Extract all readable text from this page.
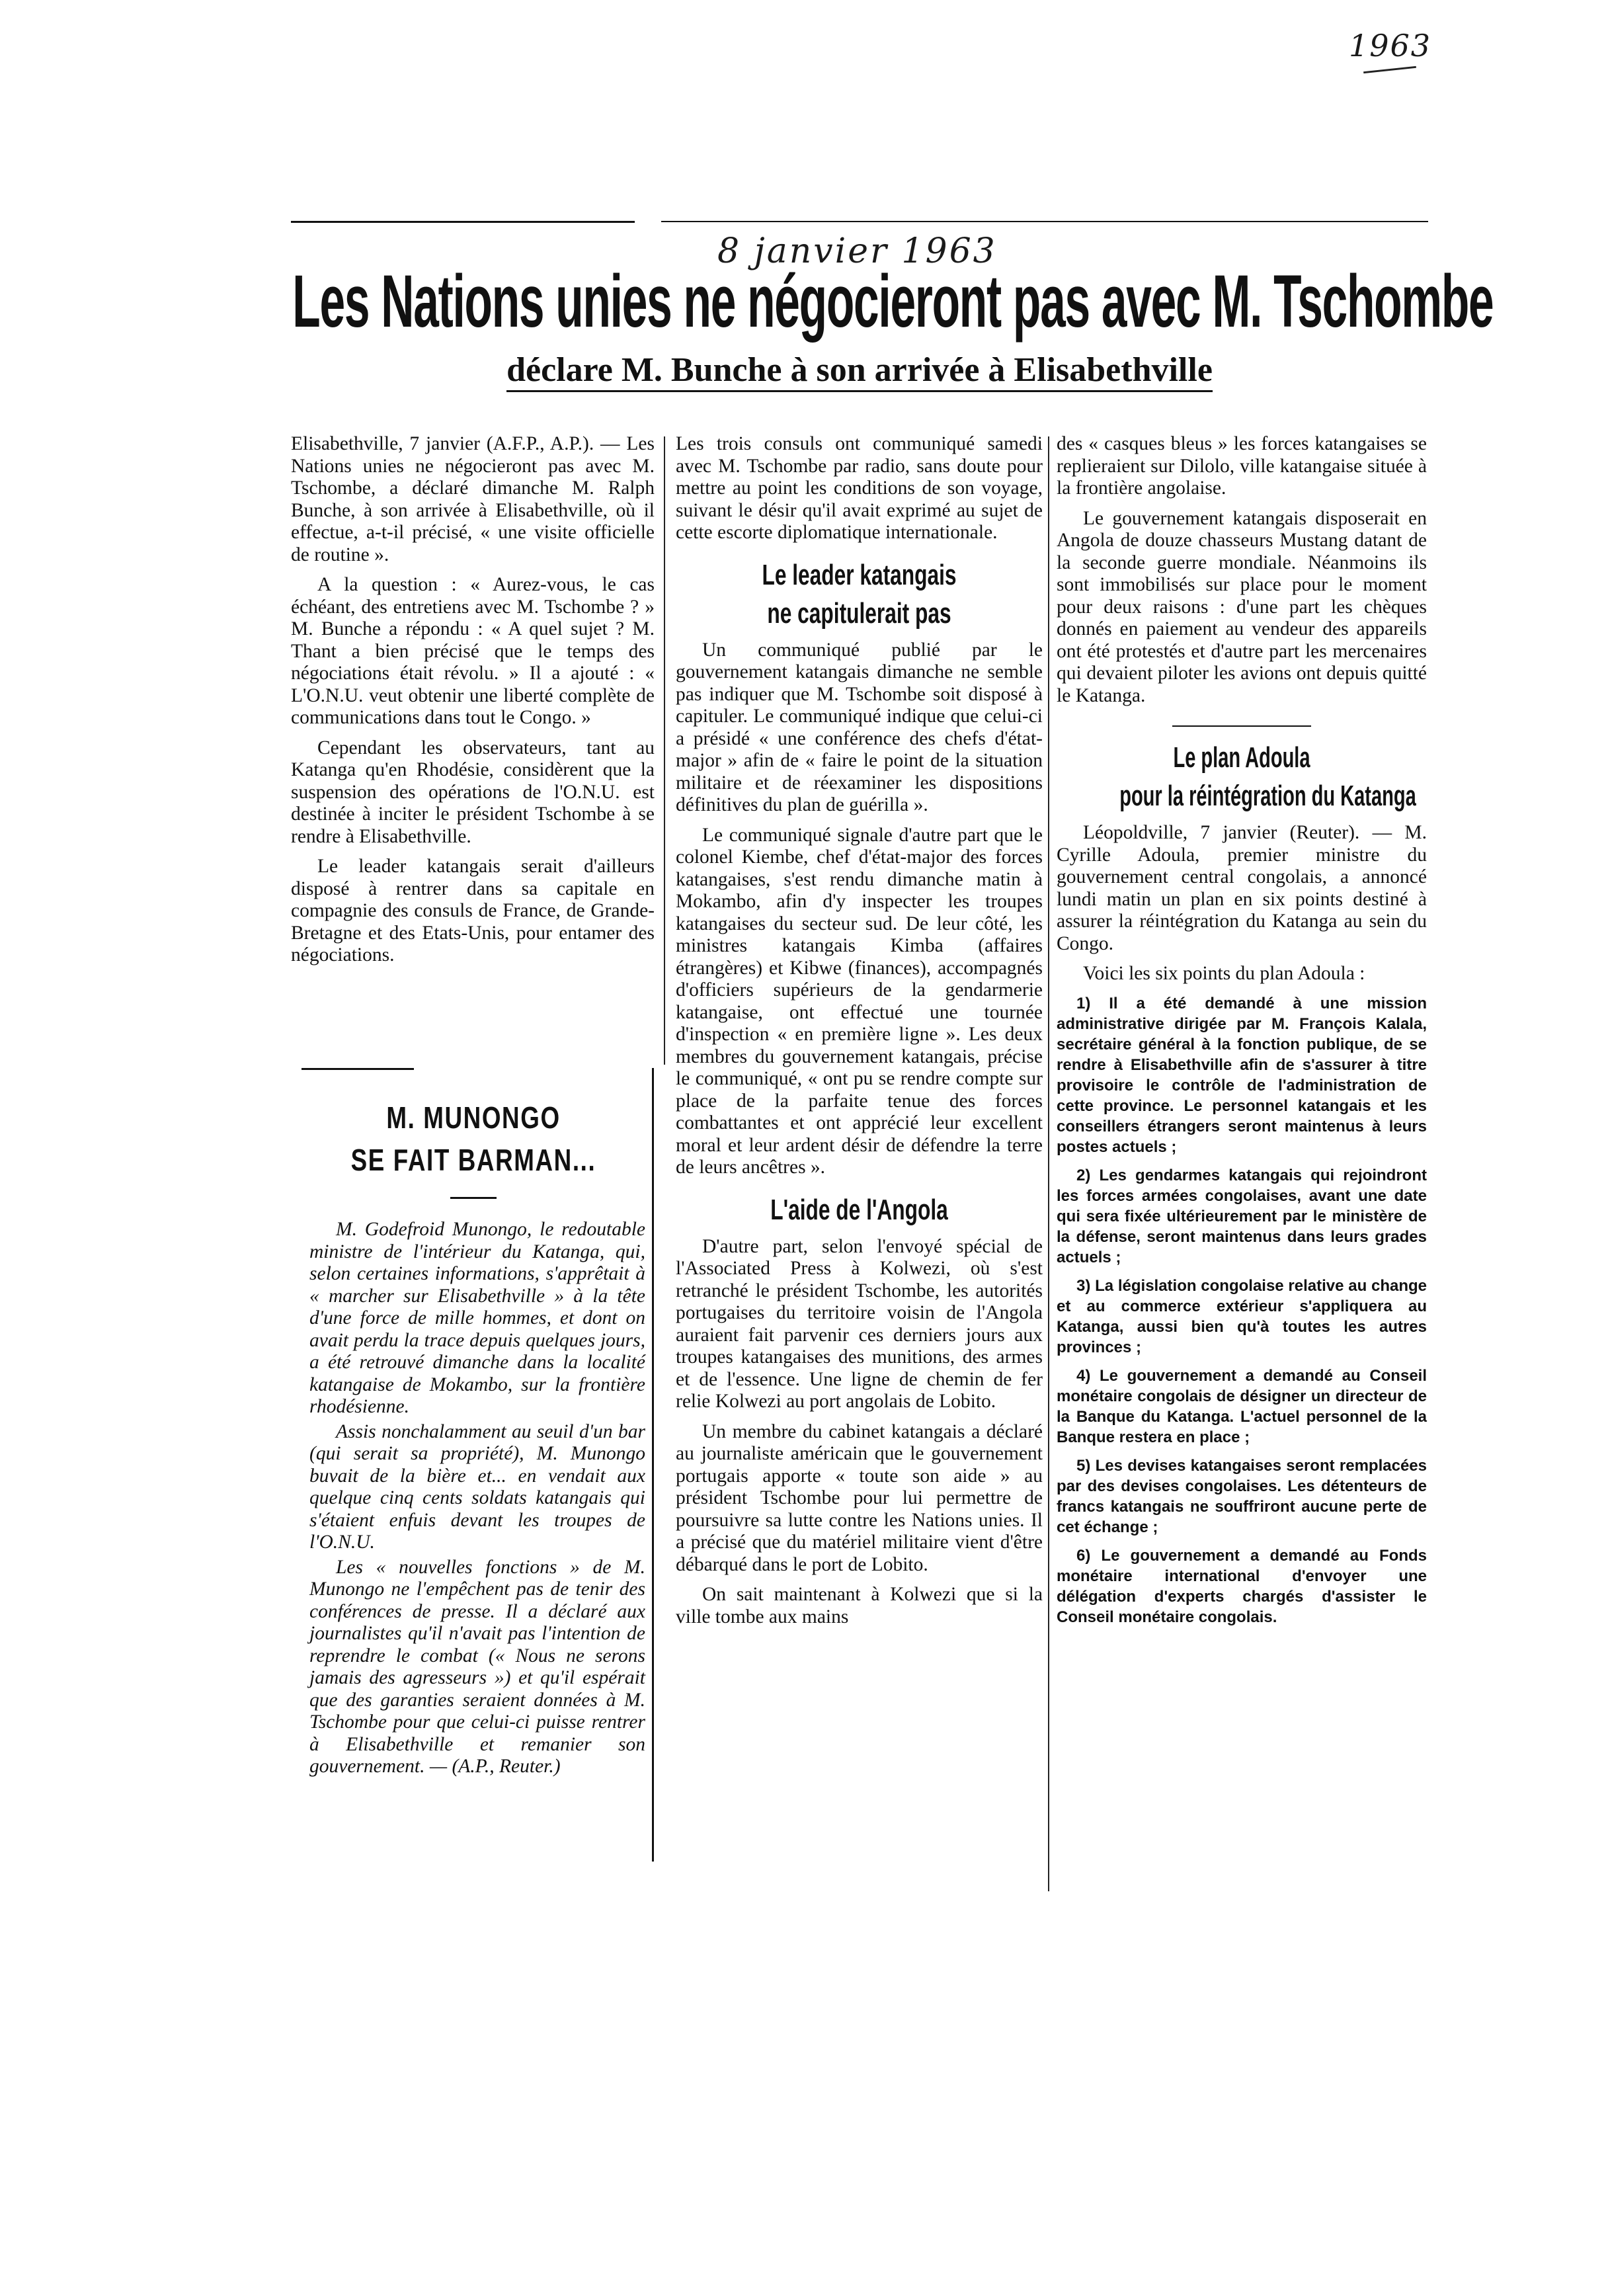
1963
8 janvier 1963
Les Nations unies ne négocieront pas avec M. Tschombe
déclare M. Bunche à son arrivée à Elisabethville

Elisabethville, 7 janvier (A.F.P., A.P.). — Les Nations unies ne négocieront pas avec M. Tschombe, a déclaré dimanche M. Ralph Bunche, à son arrivée à Elisabethville, où il effectue, a-t-il précisé, « une visite officielle de routine ».

A la question : « Aurez-vous, le cas échéant, des entretiens avec M. Tschombe ? » M. Bunche a répondu : « A quel sujet ? M. Thant a bien précisé que le temps des négociations était révolu. » Il a ajouté : « L'O.N.U. veut obtenir une liberté complète de communications dans tout le Congo. »

Cependant les observateurs, tant au Katanga qu'en Rhodésie, considèrent que la suspension des opérations de l'O.N.U. est destinée à inciter le président Tschombe à se rendre à Elisabethville.

Le leader katangais serait d'ailleurs disposé à rentrer dans sa capitale en compagnie des consuls de France, de Grande-Bretagne et des Etats-Unis, pour entamer des négociations.

M. MUNONGO
SE FAIT BARMAN...

M. Godefroid Munongo, le redoutable ministre de l'intérieur du Katanga, qui, selon certaines informations, s'apprêtait à « marcher sur Elisabethville » à la tête d'une force de mille hommes, et dont on avait perdu la trace depuis quelques jours, a été retrouvé dimanche dans la localité katangaise de Mokambo, sur la frontière rhodésienne.

Assis nonchalamment au seuil d'un bar (qui serait sa propriété), M. Munongo buvait de la bière et... en vendait aux quelque cinq cents soldats katangais qui s'étaient enfuis devant les troupes de l'O.N.U.

Les « nouvelles fonctions » de M. Munongo ne l'empêchent pas de tenir des conférences de presse. Il a déclaré aux journalistes qu'il n'avait pas l'intention de reprendre le combat (« Nous ne serons jamais des agresseurs ») et qu'il espérait que des garanties seraient données à M. Tschombe pour que celui-ci puisse rentrer à Elisabethville et remanier son gouvernement. — (A.P., Reuter.)

Les trois consuls ont communiqué samedi avec M. Tschombe par radio, sans doute pour mettre au point les conditions de son voyage, suivant le désir qu'il avait exprimé au sujet de cette escorte diplomatique internationale.

Le leader katangais
ne capitulerait pas

Un communiqué publié par le gouvernement katangais dimanche ne semble pas indiquer que M. Tschombe soit disposé à capituler. Le communiqué indique que celui-ci a présidé « une conférence des chefs d'état-major » afin de « faire le point de la situation militaire et de réexaminer les dispositions définitives du plan de guérilla ».

Le communiqué signale d'autre part que le colonel Kiembe, chef d'état-major des forces katangaises, s'est rendu dimanche matin à Mokambo, afin d'y inspecter les troupes katangaises du secteur sud. De leur côté, les ministres katangais Kimba (affaires étrangères) et Kibwe (finances), accompagnés d'officiers supérieurs de la gendarmerie katangaise, ont effectué une tournée d'inspection « en première ligne ». Les deux membres du gouvernement katangais, précise le communiqué, « ont pu se rendre compte sur place de la parfaite tenue des forces combattantes et ont apprécié leur excellent moral et leur ardent désir de défendre la terre de leurs ancêtres ».

L'aide de l'Angola

D'autre part, selon l'envoyé spécial de l'Associated Press à Kolwezi, où s'est retranché le président Tschombe, les autorités portugaises du territoire voisin de l'Angola auraient fait parvenir ces derniers jours aux troupes katangaises des munitions, des armes et de l'essence. Une ligne de chemin de fer relie Kolwezi au port angolais de Lobito.

Un membre du cabinet katangais a déclaré au journaliste américain que le gouvernement portugais apporte « toute son aide » au président Tschombe pour lui permettre de poursuivre sa lutte contre les Nations unies. Il a précisé que du matériel militaire vient d'être débarqué dans le port de Lobito.

On sait maintenant à Kolwezi que si la ville tombe aux mains

des « casques bleus » les forces katangaises se replieraient sur Dilolo, ville katangaise située à la frontière angolaise.

Le gouvernement katangais disposerait en Angola de douze chasseurs Mustang datant de la seconde guerre mondiale. Néanmoins ils sont immobilisés sur place pour le moment pour deux raisons : d'une part les chèques donnés en paiement au vendeur des appareils ont été protestés et d'autre part les mercenaires qui devaient piloter les avions ont depuis quitté le Katanga.

Le plan Adoula
pour la réintégration du Katanga

Léopoldville, 7 janvier (Reuter). — M. Cyrille Adoula, premier ministre du gouvernement central congolais, a annoncé lundi matin un plan en six points destiné à assurer la réintégration du Katanga au sein du Congo.

Voici les six points du plan Adoula :

1) Il a été demandé à une mission administrative dirigée par M. François Kalala, secrétaire général à la fonction publique, de se rendre à Elisabethville afin de s'assurer à titre provisoire le contrôle de l'administration de cette province. Le personnel katangais et les conseillers étrangers seront maintenus à leurs postes actuels ;

2) Les gendarmes katangais qui rejoindront les forces armées congolaises, avant une date qui sera fixée ultérieurement par le ministère de la défense, seront maintenus dans leurs grades actuels ;

3) La législation congolaise relative au change et au commerce extérieur s'appliquera au Katanga, aussi bien qu'à toutes les autres provinces ;

4) Le gouvernement a demandé au Conseil monétaire congolais de désigner un directeur de la Banque du Katanga. L'actuel personnel de la Banque restera en place ;

5) Les devises katangaises seront remplacées par des devises congolaises. Les détenteurs de francs katangais ne souffriront aucune perte de cet échange ;

6) Le gouvernement a demandé au Fonds monétaire international d'envoyer une délégation d'experts chargés d'assister le Conseil monétaire congolais.
